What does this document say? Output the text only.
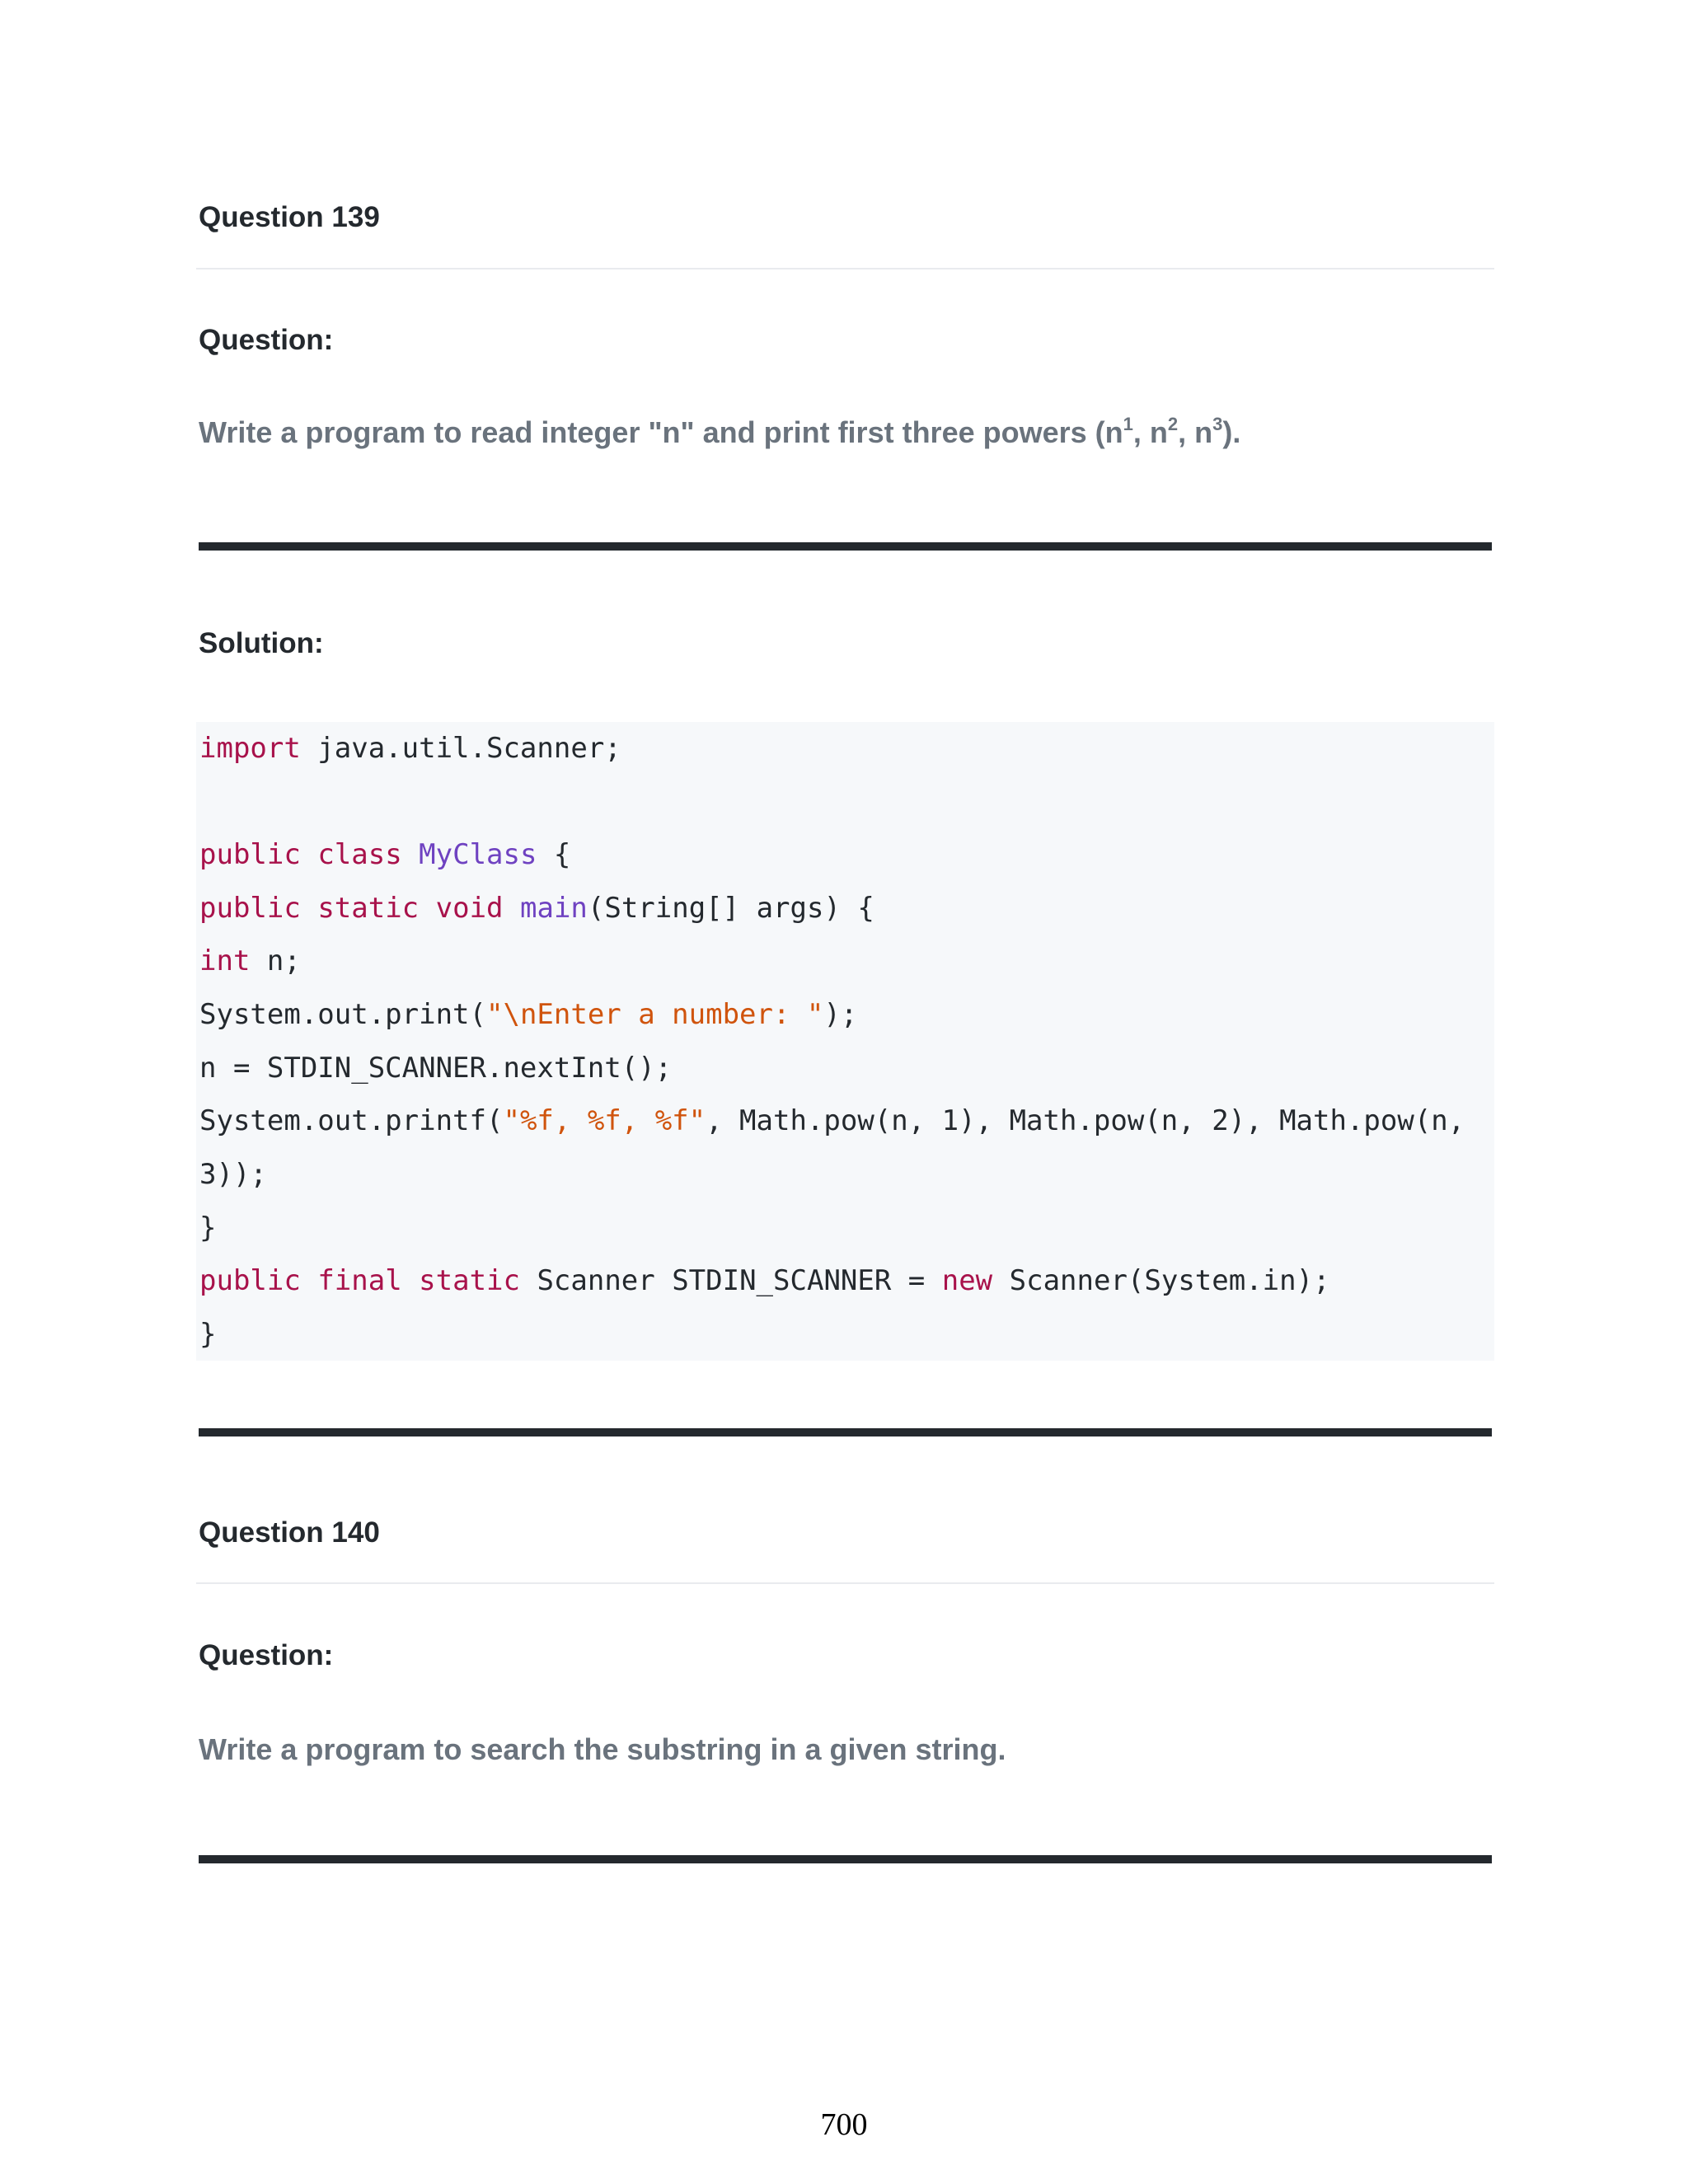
Question 139
Question:

Write a program to read integer "n" and print first three powers ($n^1$, $n^2$, $n^3$).

Solution:

import java.util.Scanner;

public class MyClass {

public static void main(String[] args) {

int n;

System.out.print("\nEnter a number: ");

n = STDIN_SCANNER.nextInt();

System.out.printf("%f, %f, %f", Math.pow(n, 1), Math.pow(n, 2), Math.pow(n,

3));

}

public final static Scanner STDIN_SCANNER = new Scanner(System.in);

}

Question 140
Question:

Write a program to search the substring in a given string.

700
